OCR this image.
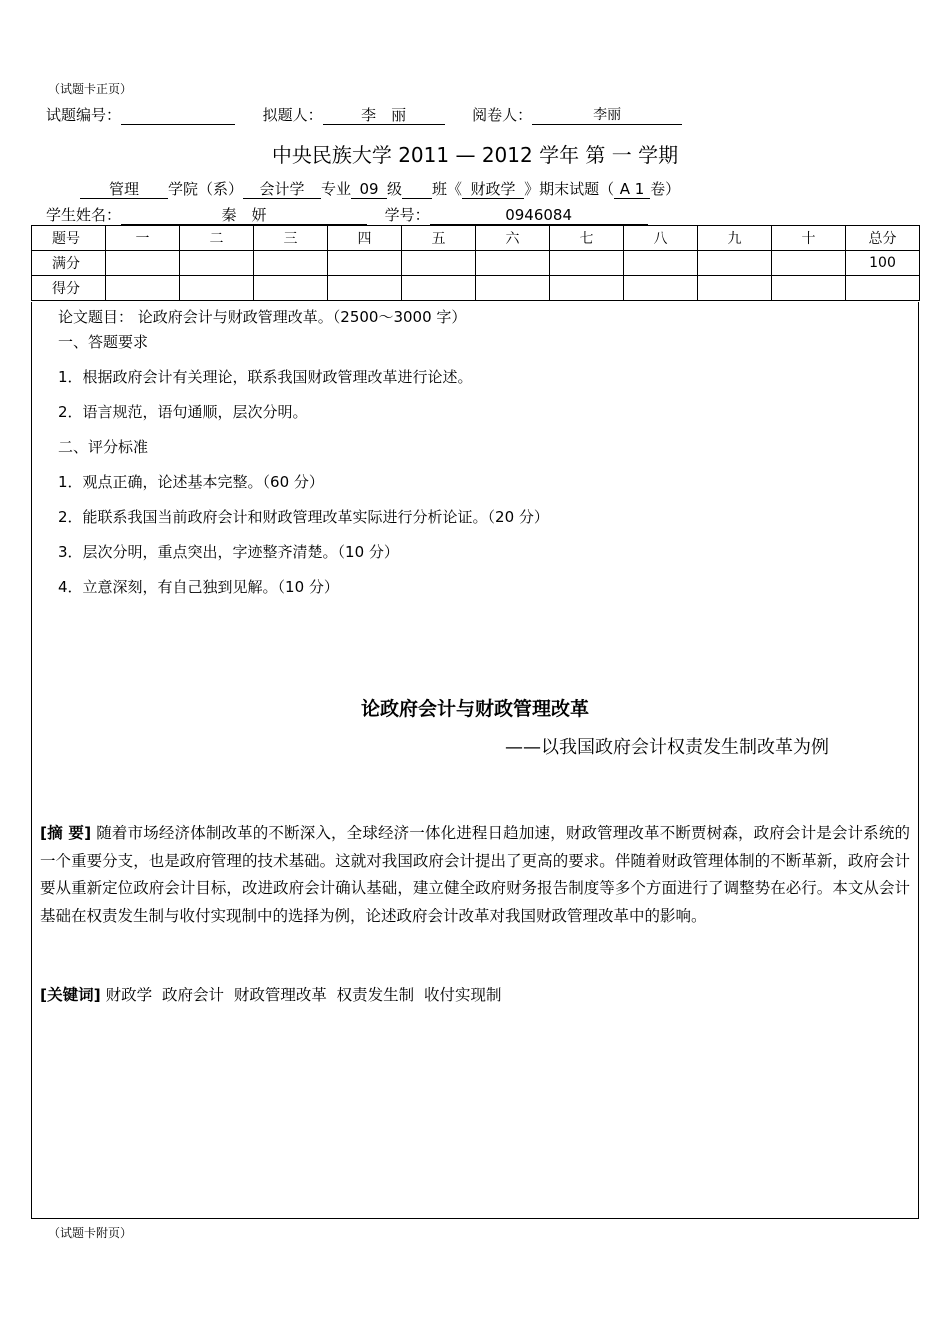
（试题卡正页）
试题编号：	拟题人：	李　丽	阅卷人：	李丽
中央民族大学 2011 — 2012 学年 第 一 学期
管理 学院（系） 会计学 专业 09 级 班《 财政学 》期末试题（ A 1 卷）
学生姓名：	秦　妍	学号：	0946084
题号	一	二	三	四	五	六	七	八	九	十	总分
满分											100
得分											
论文题目： 论政府会计与财政管理改革。（2500～3000 字）
一、答题要求
1．根据政府会计有关理论，联系我国财政管理改革进行论述。
2．语言规范，语句通顺，层次分明。
二、评分标准
1．观点正确，论述基本完整。（60 分）
2．能联系我国当前政府会计和财政管理改革实际进行分析论证。（20 分）
3．层次分明，重点突出，字迹整齐清楚。（10 分）
4．立意深刻，有自己独到见解。（10 分）
论政府会计与财政管理改革
——以我国政府会计权责发生制改革为例
[摘 要] 随着市场经济体制改革的不断深入，全球经济一体化进程日趋加速，财政管理改革不断贾树森，政府会计是会计系统的一个重要分支，也是政府管理的技术基础。这就对我国政府会计提出了更高的要求。伴随着财政管理体制的不断革新，政府会计要从重新定位政府会计目标，改进政府会计确认基础，建立健全政府财务报告制度等多个方面进行了调整势在必行。本文从会计基础在权责发生制与收付实现制中的选择为例，论述政府会计改革对我国财政管理改革中的影响。
[关键词] 财政学  政府会计  财政管理改革  权责发生制  收付实现制
（试题卡附页）
